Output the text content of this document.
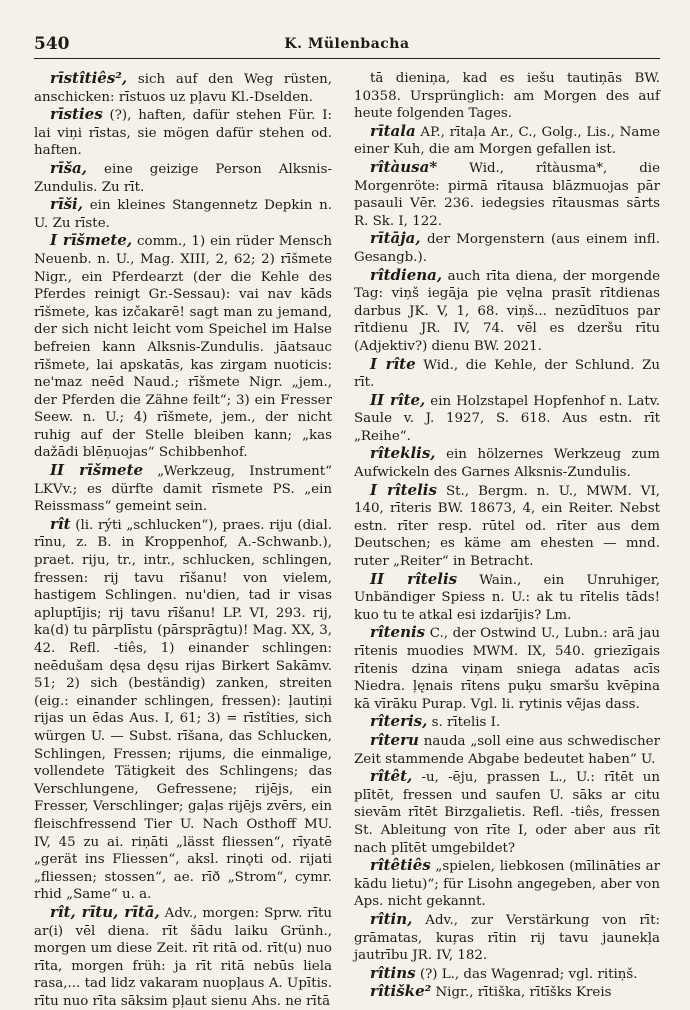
540	K. Mülenbacha

rīstîtiês², sich auf den Weg rüsten, anschicken: rīstuos uz pļavu Kl.-Dselden.

rīsties (?), haften, dafür stehen Für. I: lai viņi rīstas, sie mögen dafür stehen od. haften.

rīša, eine geizige Person Alksnis-Zundulis. Zu rīt.

rīši, ein kleines Stangennetz Depkin n. U. Zu rīste.

I rīšmete, comm., 1) ein rüder Mensch Neuenb. n. U., Mag. XIII, 2, 62; 2) rīšmete Nigr., ein Pferdearzt (der die Kehle des Pferdes reinigt Gr.-Sessau): vai nav kāds rīšmete, kas izčakarē! sagt man zu jemand, der sich nicht leicht vom Speichel im Halse befreien kann Alksnis-Zundulis. jāatsauc rīšmete, lai apskatās, kas zirgam nuoticis: ne'maz neēd Naud.; rīšmete Nigr. „jem., der Pferden die Zähne feilt“; 3) ein Fresser Seew. n. U.; 4) rīšmete, jem., der nicht ruhig auf der Stelle bleiben kann; „kas dažādi blēņuojas“ Schibbenhof.

II rīšmete „Werkzeug, Instrument“ LKVv.; es dürfte damit rīsmete PS. „ein Reissmass“ gemeint sein.

rît (li. rýti „schlucken“), praes. riju (dial. rīnu, z. B. in Kroppenhof, A.-Schwanb.), praet. riju, tr., intr., schlucken, schlingen, fressen: rij tavu rīšanu! von vielem, hastigem Schlingen. nu'dien, tad ir visas apluptījis; rij tavu rīšanu! LP. VI, 293. rij, ka(d) tu pārplīstu (pārsprāgtu)! Mag. XX, 3, 42. Refl. -tiês, 1) einander schlingen: neēdušam dęsa dęsu rijas Birkert Sakāmv. 51; 2) sich (beständig) zanken, streiten (eig.: einander schlingen, fressen): ļautiņi rijas un ēdas Aus. I, 61; 3) = rīstîties, sich würgen U. — Subst. rīšana, das Schlucken, Schlingen, Fressen; rijums, die einmalige, vollendete Tätigkeit des Schlingens; das Verschlungene, Gefressene; rijējs, ein Fresser, Verschlinger; gaļas rijējs zvērs, ein fleischfressend Tier U. Nach Osthoff MU. IV, 45 zu ai. riṇāti „lässt fliessen“, rīyatē „gerät ins Fliessen“, aksl. rinǫti od. rijati „fliessen; stossen“, ae. rīð „Strom“, cymr. rhid „Same“ u. a.

rît, rītu, rītā, Adv., morgen: Sprw. rītu ar(i) vēl diena. rīt šādu laiku Grünh., morgen um diese Zeit. rīt ritā od. rīt(u) nuo rīta, morgen früh: ja rīt ritā nebūs liela rasa,... tad lidz vakaram nuopļaus A. Upītis. rītu nuo rīta sāksim pļaut sienu Ahs. ne rītā

tā dieniņa, kad es iešu tautiņās BW. 10358. Ursprünglich: am Morgen des auf heute folgenden Tages.

rītala AP., rītaļa Ar., C., Golg., Lis., Name einer Kuh, die am Morgen gefallen ist.

rîtàusa* Wid., rîtàusma*, die Morgenröte: pirmā rītausa blāzmuojas pār pasauli Vēr. 236. iedegsies rītausmas sārts R. Sk. I, 122.

rītāja, der Morgenstern (aus einem infl. Gesangb.).

rîtdiena, auch rīta diena, der morgende Tag: viņš iegāja pie vęlna prasīt rītdienas darbus JK. V, 1, 68. viņš... nezūdītuos par rītdienu JR. IV, 74. vēl es dzeršu rītu (Adjektiv?) dienu BW. 2021.

I rîte Wid., die Kehle, der Schlund. Zu rīt.

II rîte, ein Holzstapel Hopfenhof n. Latv. Saule v. J. 1927, S. 618. Aus estn. rīt „Reihe“.

rîteklis, ein hölzernes Werkzeug zum Aufwickeln des Garnes Alksnis-Zundulis.

I rîtelis St., Bergm. n. U., MWM. VI, 140, rīteris BW. 18673, 4, ein Reiter. Nebst estn. rīter resp. rūtel od. rīter aus dem Deutschen; es käme am ehesten — mnd. ruter „Reiter“ in Betracht.

II rîtelis Wain., ein Unruhiger, Unbändiger Spiess n. U.: ak tu rītelis tāds! kuo tu te atkal esi izdarījis? Lm.

rîtenis C., der Ostwind U., Lubn.: arā jau rītenis muodies MWM. IX, 540. griezīgais rītenis dzina viņam sniega adatas acīs Niedra. ļęnais rītens puķu smaršu kvēpina kā vīrāku Purap. Vgl. li. rytinis vė̃jas dass.

rîteris, s. rītelis I.

rîteru nauda „soll eine aus schwedischer Zeit stammende Abgabe bedeutet haben“ U.

rîtêt, -u, -ēju, prassen L., U.: rītēt un plītēt, fressen und saufen U. sāks ar citu sievām rītēt Birzgalietis. Refl. -tiês, fressen St. Ableitung von rīte I, oder aber aus rīt nach plītēt umgebildet?

rîtêtiês „spielen, liebkosen (mīlināties ar kādu lietu)“; für Lisohn angegeben, aber von Aps. nicht gekannt.

rîtin, Adv., zur Verstärkung von rīt: grāmatas, kuŗas rītin rij tavu jaunekļa jautrību JR. IV, 182.

rîtins (?) L., das Wagenrad; vgl. ritiņš.

rîtiške² Nigr., rītiška, rītīšks Kreis
